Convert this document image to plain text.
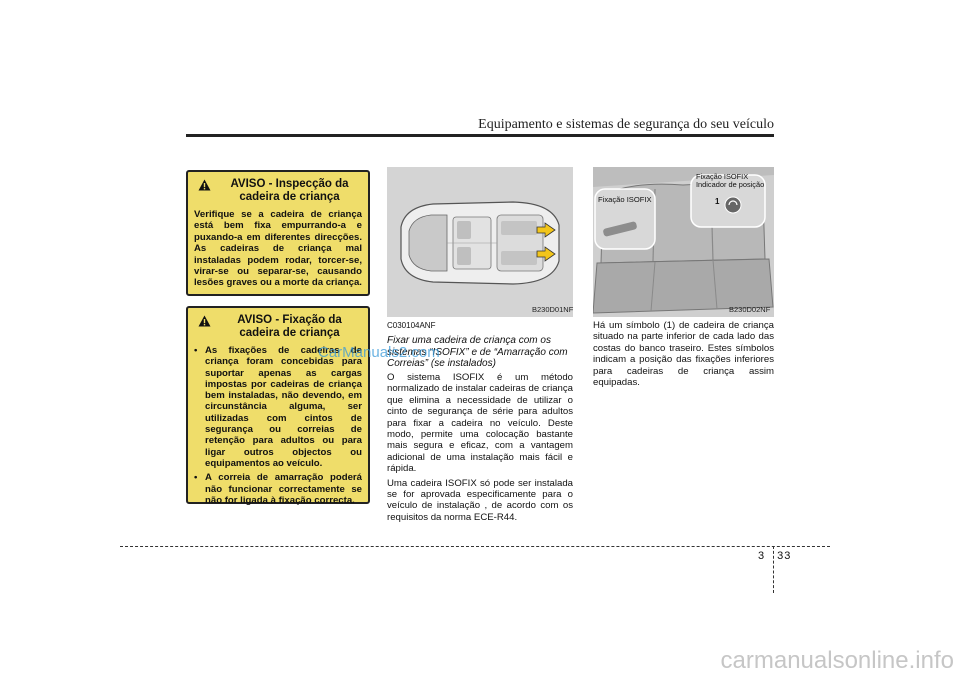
Equipamento e sistemas de segurança do seu veículo
AVISO - Inspecção da cadeira de criança
Verifique se a cadeira de criança está bem fixa empurrando-a e puxando-a em diferentes direcções. As cadeiras de criança mal instaladas podem rodar, torcer-se, virar-se ou separar-se, causando lesões graves ou a morte da criança.
AVISO - Fixação da cadeira de criança
• As fixações de cadeiras de criança foram concebidas para suportar apenas as cargas impostas por cadeiras de criança bem instaladas, não devendo, em circunstância alguma, ser utilizadas com cintos de segurança ou correias de retenção para adultos ou para ligar outros objectos ou equipamentos ao veículo.
• A correia de amarração poderá não funcionar correctamente se não for ligada à fixação correcta.
B230D01NF
Fixação ISOFIX
Fixação ISOFIX
Indicador de posição
1
B230D02NF
C030104ANF
Fixar uma cadeira de criança com os sistemas “ISOFIX” e de “Amarração com Correias” (se instalados)

O sistema ISOFIX é um método normalizado de instalar cadeiras de criança que elimina a necessidade de utilizar o cinto de segurança de série para adultos para fixar a cadeira no veículo. Deste modo, permite uma colocação bastante mais segura e eficaz, com a vantagem adicional de uma instalação mais fácil e rápida.

Uma cadeira ISOFIX só pode ser instalada se for aprovada especificamente para o veículo de instalação , de acordo com os requisitos da norma ECE-R44.

Há um símbolo (1) de cadeira de criança situado na parte inferior de cada lado das costas do banco traseiro. Estes símbolos indicam a posição das fixações inferiores para cadeiras de criança assim equipadas.

CarManuals2.com
3 33
carmanualsonline.info
